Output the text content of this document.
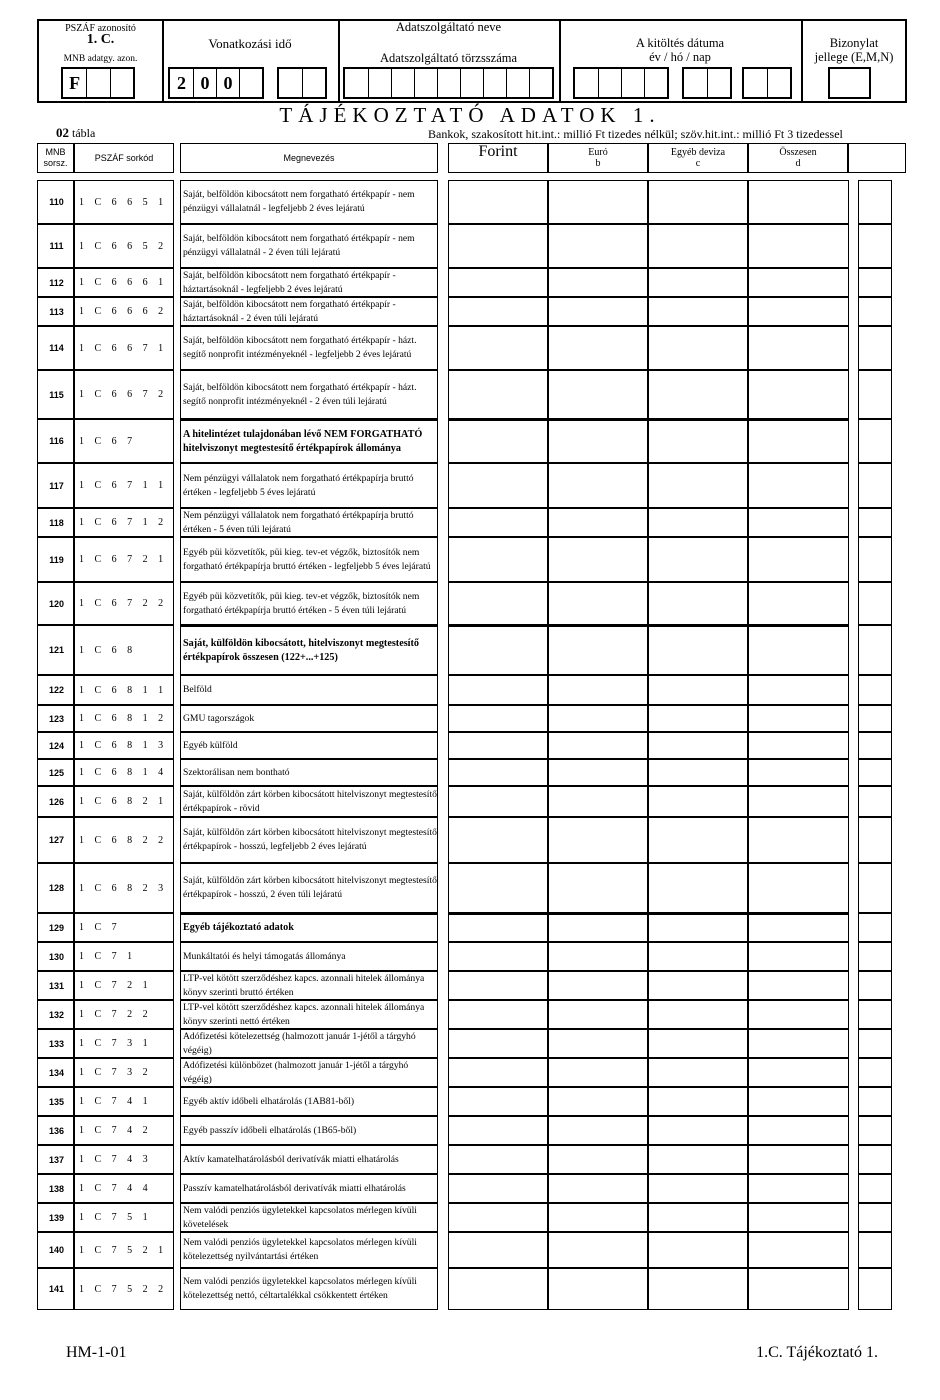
PSZÁF azonosító
1. C.
MNB adatgy. azon.
F
Vonatkozási idő
2 0 0
Adatszolgáltató neve
Adatszolgáltató törzsszáma
A kitöltés dátuma
év / hó / nap
Bizonylat
jellege (E,M,N)
TÁJÉKOZTATÓ ADATOK 1.
02 tábla	Bankok, szakosított hit.int.: millió Ft tizedes nélkül; szöv.hit.int.: millió Ft 3 tizedessel
MNB
sorsz.
PSZÁF sorkód	Megnevezés	Forint	Euró
b
Egyéb deviza
c
Összesen
d
110	1 C 6 6 5 1
Saját, belföldön kibocsátott nem forgatható értékpapír - nem pénzügyi vállalatnál - legfeljebb 2 éves lejáratú
111	1 C 6 6 5 2
Saját, belföldön kibocsátott nem forgatható értékpapír - nem pénzügyi vállalatnál - 2 éven túli lejáratú
112	1 C 6 6 6 1
Saját, belföldön kibocsátott nem forgatható értékpapír - háztartásoknál - legfeljebb 2 éves lejáratú
113	1 C 6 6 6 2
Saját, belföldön kibocsátott nem forgatható értékpapír - háztartásoknál - 2 éven túli lejáratú
114	1 C 6 6 7 1
Saját, belföldön kibocsátott nem forgatható értékpapír - házt. segítő nonprofit intézményeknél - legfeljebb 2 éves lejáratú
115	1 C 6 6 7 2
Saját, belföldön kibocsátott nem forgatható értékpapír - házt. segítő nonprofit intézményeknél - 2 éven túli lejáratú
116	1 C 6 7
A hitelintézet tulajdonában lévő NEM FORGATHATÓ hitelviszonyt megtestesítő értékpapírok állománya
117	1 C 6 7 1 1
Nem pénzügyi vállalatok nem forgatható értékpapírja bruttó értéken - legfeljebb 5 éves lejáratú
118	1 C 6 7 1 2
Nem pénzügyi vállalatok nem forgatható értékpapírja bruttó értéken - 5 éven túli lejáratú
119	1 C 6 7 2 1
Egyéb püi közvetítők, püi kieg. tev-et végzők, biztosítók nem forgatható értékpapírja bruttó értéken - legfeljebb 5 éves lejáratú
120	1 C 6 7 2 2
Egyéb püi közvetítők, püi kieg. tev-et végzők, biztosítók nem forgatható értékpapírja bruttó értéken - 5 éven túli lejáratú
121	1 C 6 8
Saját, külföldön kibocsátott, hitelviszonyt megtestesítő értékpapírok összesen (122+...+125)
122	1 C 6 8 1 1 Belföld
123	1 C 6 8 1 2 GMU tagországok
124	1 C 6 8 1 3 Egyéb külföld
125	1 C 6 8 1 4 Szektorálisan nem bontható
126	1 C 6 8 2 1
Saját, külföldön zárt körben kibocsátott hitelviszonyt megtestesítő értékpapírok - rövid
127	1 C 6 8 2 2
Saját, külföldön zárt körben kibocsátott hitelviszonyt megtestesítő értékpapírok - hosszú, legfeljebb 2 éves lejáratú
128	1 C 6 8 2 3
Saját, külföldön zárt körben kibocsátott hitelviszonyt megtestesítő értékpapírok - hosszú, 2 éven túli lejáratú
129	1 C 7	Egyéb tájékoztató adatok
130	1 C 7 1	Munkáltatói és helyi támogatás állománya
131	1 C 7 2 1
LTP-vel kötött szerződéshez kapcs. azonnali hitelek állománya könyv szerinti bruttó értéken
132	1 C 7 2 2
LTP-vel kötött szerződéshez kapcs. azonnali hitelek állománya könyv szerinti nettó értéken
133	1 C 7 3 1
Adófizetési kötelezettség (halmozott január 1-jétől a tárgyhó végéig)
134	1 C 7 3 2
Adófizetési különbözet (halmozott január 1-jétől a tárgyhó végéig)
135	1 C 7 4 1	Egyéb aktív időbeli elhatárolás (1AB81-ből)
136	1 C 7 4 2	Egyéb passzív időbeli elhatárolás (1B65-ből)
137	1 C 7 4 3	Aktív kamatelhatárolásból derivatívák miatti elhatárolás
138	1 C 7 4 4	Passzív kamatelhatárolásból derivatívák miatti elhatárolás
139	1 C 7 5 1
Nem valódi penziós ügyletekkel kapcsolatos mérlegen kívüli követelések
140	1 C 7 5 2 1
Nem valódi penziós ügyletekkel kapcsolatos mérlegen kívüli kötelezettség nyilvántartási értéken
141	1 C 7 5 2 2
Nem valódi penziós ügyletekkel kapcsolatos mérlegen kívüli kötelezettség nettó, céltartalékkal csökkentett értéken
HM-1-01	1.C. Tájékoztató 1.
